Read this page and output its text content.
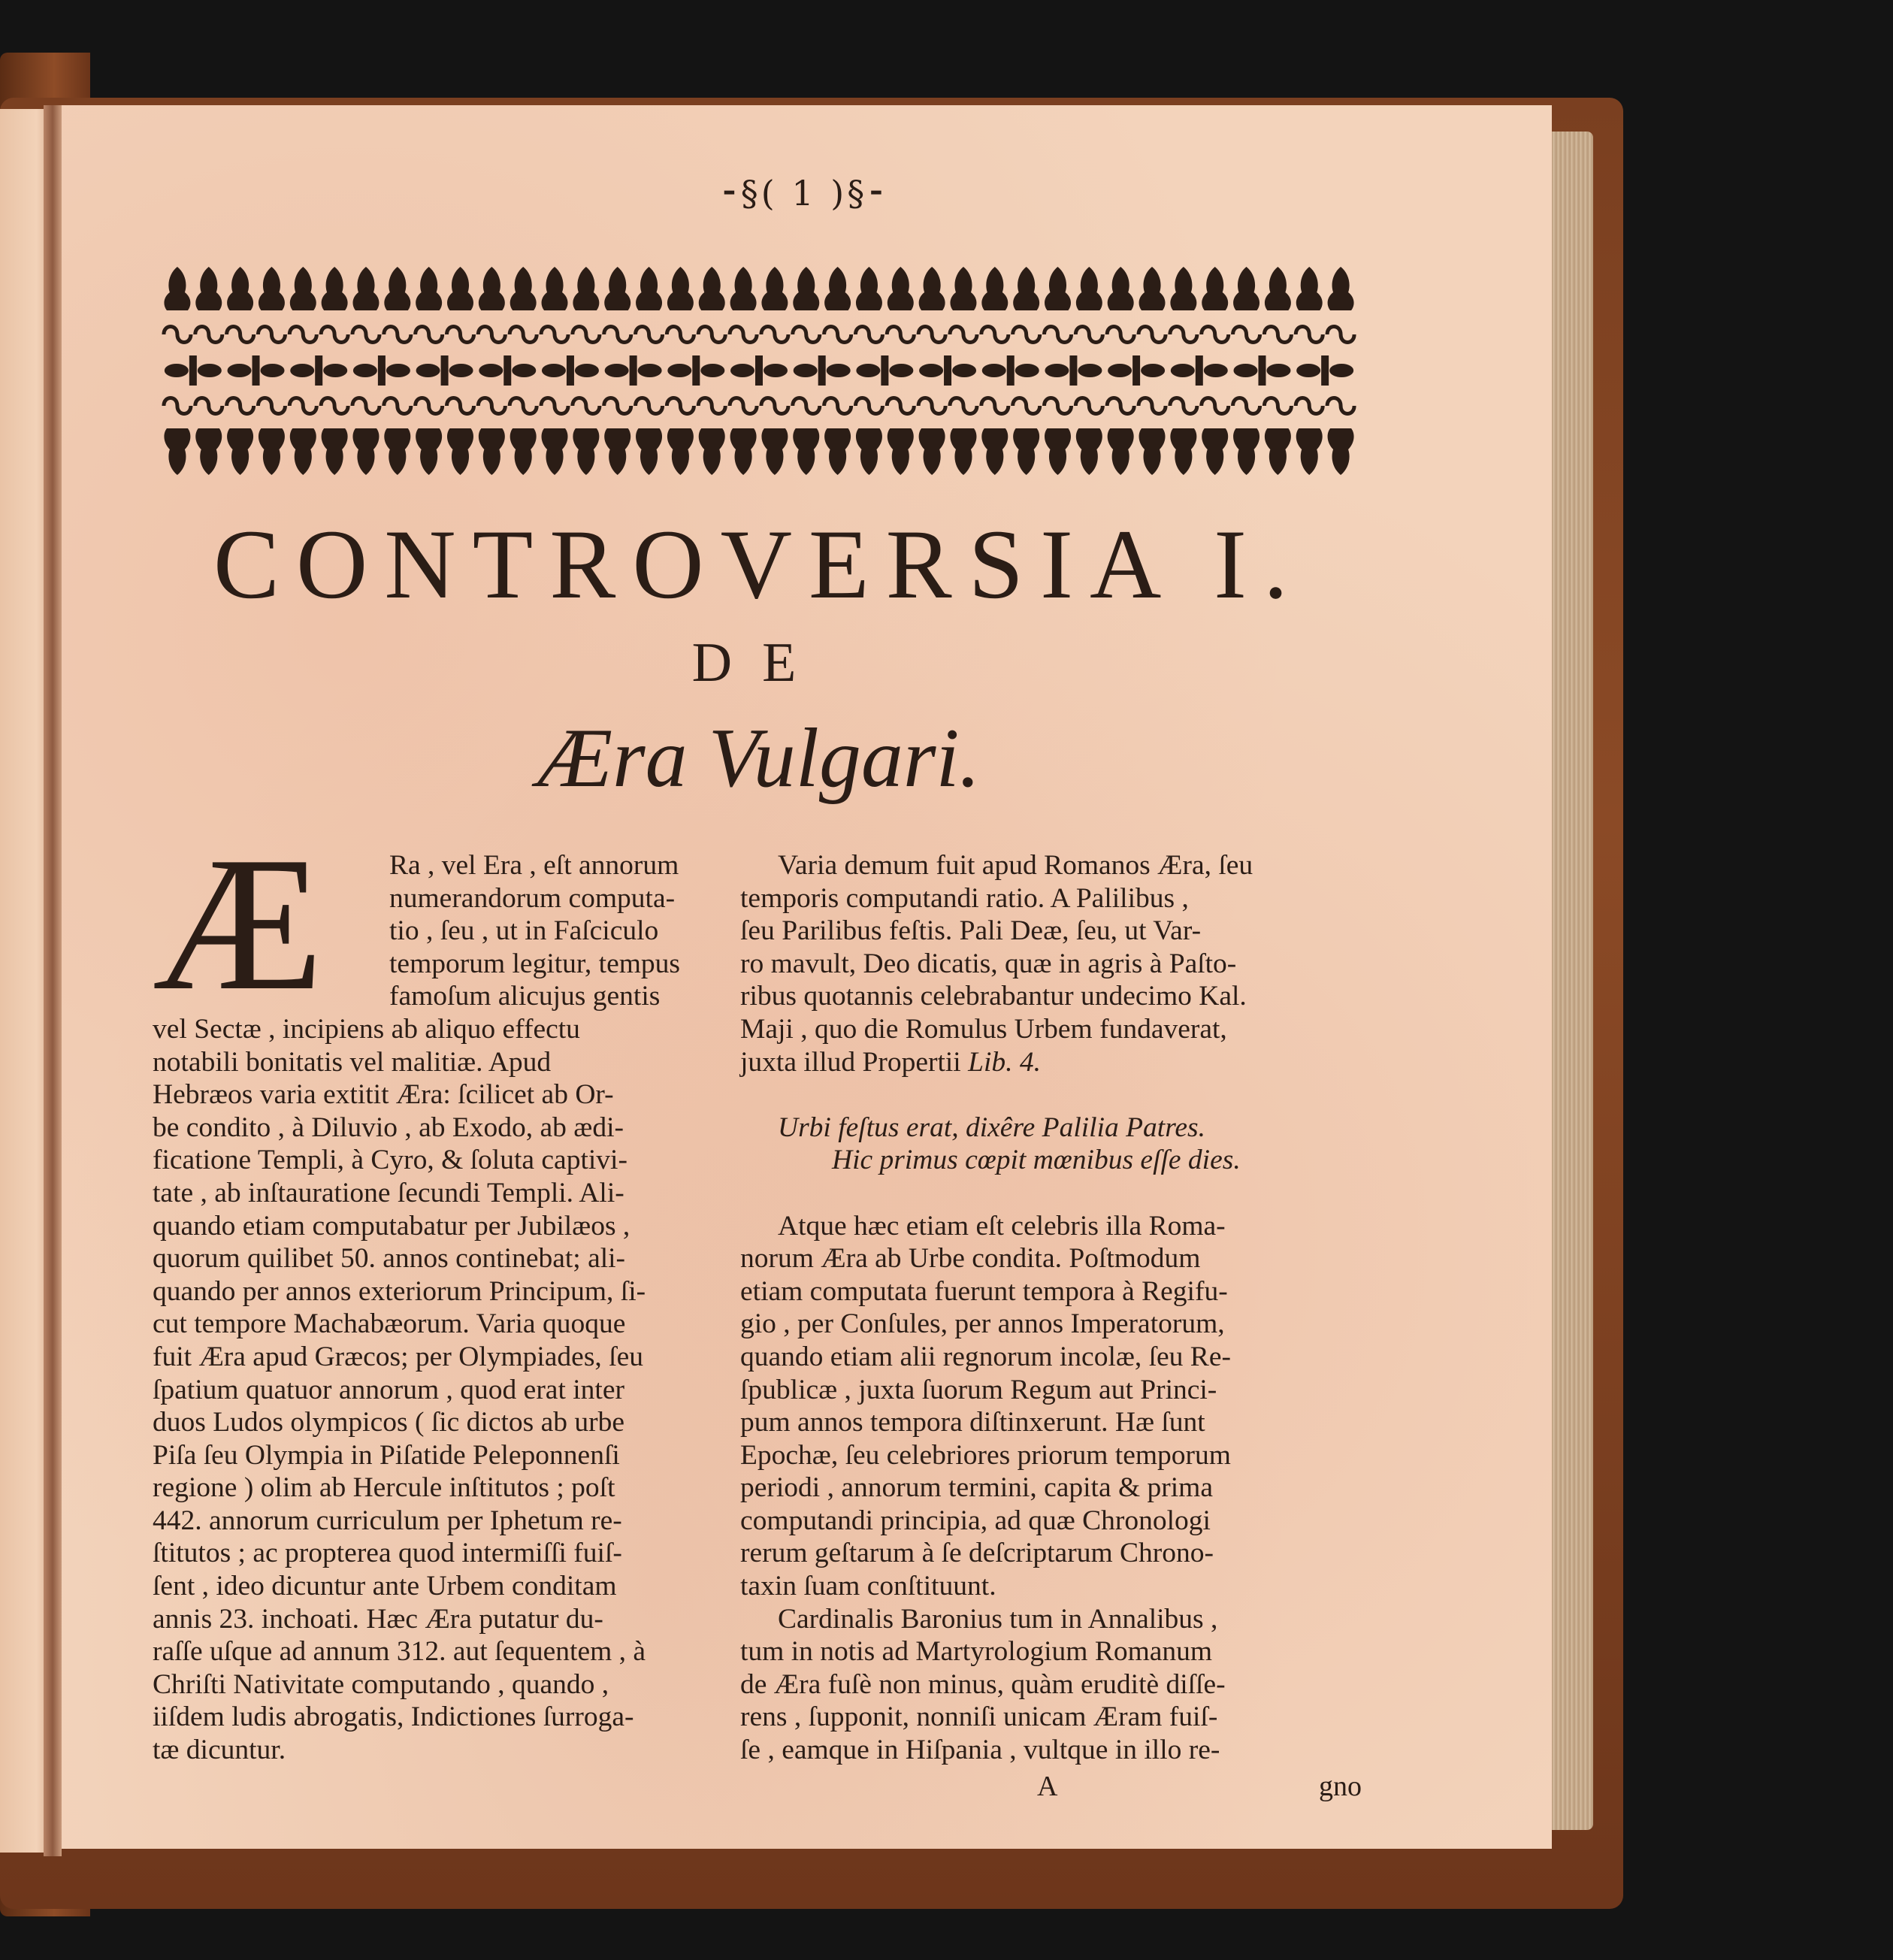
⁃§( 1 )§⁃
CONTROVERSIA I.
DE
Æra Vulgari.
Æ	Ra , vel Era , eſt annorum
numerandorum computa-
tio , ſeu , ut in Faſciculo
temporum legitur, tempus
famoſum alicujus gentis
vel Sectæ , incipiens ab aliquo effectu
notabili bonitatis vel malitiæ. Apud
Hebræos varia extitit Æra: ſcilicet ab Or-
be condito , à Diluvio , ab Exodo, ab ædi-
ficatione Templi, à Cyro, & ſoluta captivi-
tate , ab inſtauratione ſecundi Templi. Ali-
quando etiam computabatur per Jubilæos ,
quorum quilibet 50. annos continebat; ali-
quando per annos exteriorum Principum, ſi-
cut tempore Machabæorum. Varia quoque
fuit Æra apud Græcos; per Olympiades, ſeu
ſpatium quatuor annorum , quod erat inter
duos Ludos olympicos ( ſic dictos ab urbe
Piſa ſeu Olympia in Piſatide Peleponnenſi
regione ) olim ab Hercule inſtitutos ; poſt
442. annorum curriculum per Iphetum re-
ſtitutos ; ac propterea quod intermiſſi fuiſ-
ſent , ideo dicuntur ante Urbem conditam
annis 23. inchoati. Hæc Æra putatur du-
raſſe uſque ad annum 312. aut ſequentem , à
Chriſti Nativitate computando , quando ,
iiſdem ludis abrogatis, Indictiones ſurroga-
tæ dicuntur.
Varia demum fuit apud Romanos Æra, ſeu
temporis computandi ratio. A Palilibus ,
ſeu Parilibus feſtis. Pali Deæ, ſeu, ut Var-
ro mavult, Deo dicatis, quæ in agris à Paſto-
ribus quotannis celebrabantur undecimo Kal.
Maji , quo die Romulus Urbem fundaverat,
juxta illud Propertii Lib. 4.
Urbi feſtus erat, dixêre Palilia Patres.
Hic primus cœpit mœnibus eſſe dies.
Atque hæc etiam eſt celebris illa Roma-
norum Æra ab Urbe condita. Poſtmodum
etiam computata fuerunt tempora à Regifu-
gio , per Conſules, per annos Imperatorum,
quando etiam alii regnorum incolæ, ſeu Re-
ſpublicæ , juxta ſuorum Regum aut Princi-
pum annos tempora diſtinxerunt. Hæ ſunt
Epochæ, ſeu celebriores priorum temporum
periodi , annorum termini, capita & prima
computandi principia, ad quæ Chronologi
rerum geſtarum à ſe deſcriptarum Chrono-
taxin ſuam conſtituunt.
Cardinalis Baronius tum in Annalibus ,
tum in notis ad Martyrologium Romanum
de Æra fuſè non minus, quàm eruditè diſſe-
rens , ſupponit, nonniſi unicam Æram fuiſ-
ſe , eamque in Hiſpania , vultque in illo re-
A	gno
